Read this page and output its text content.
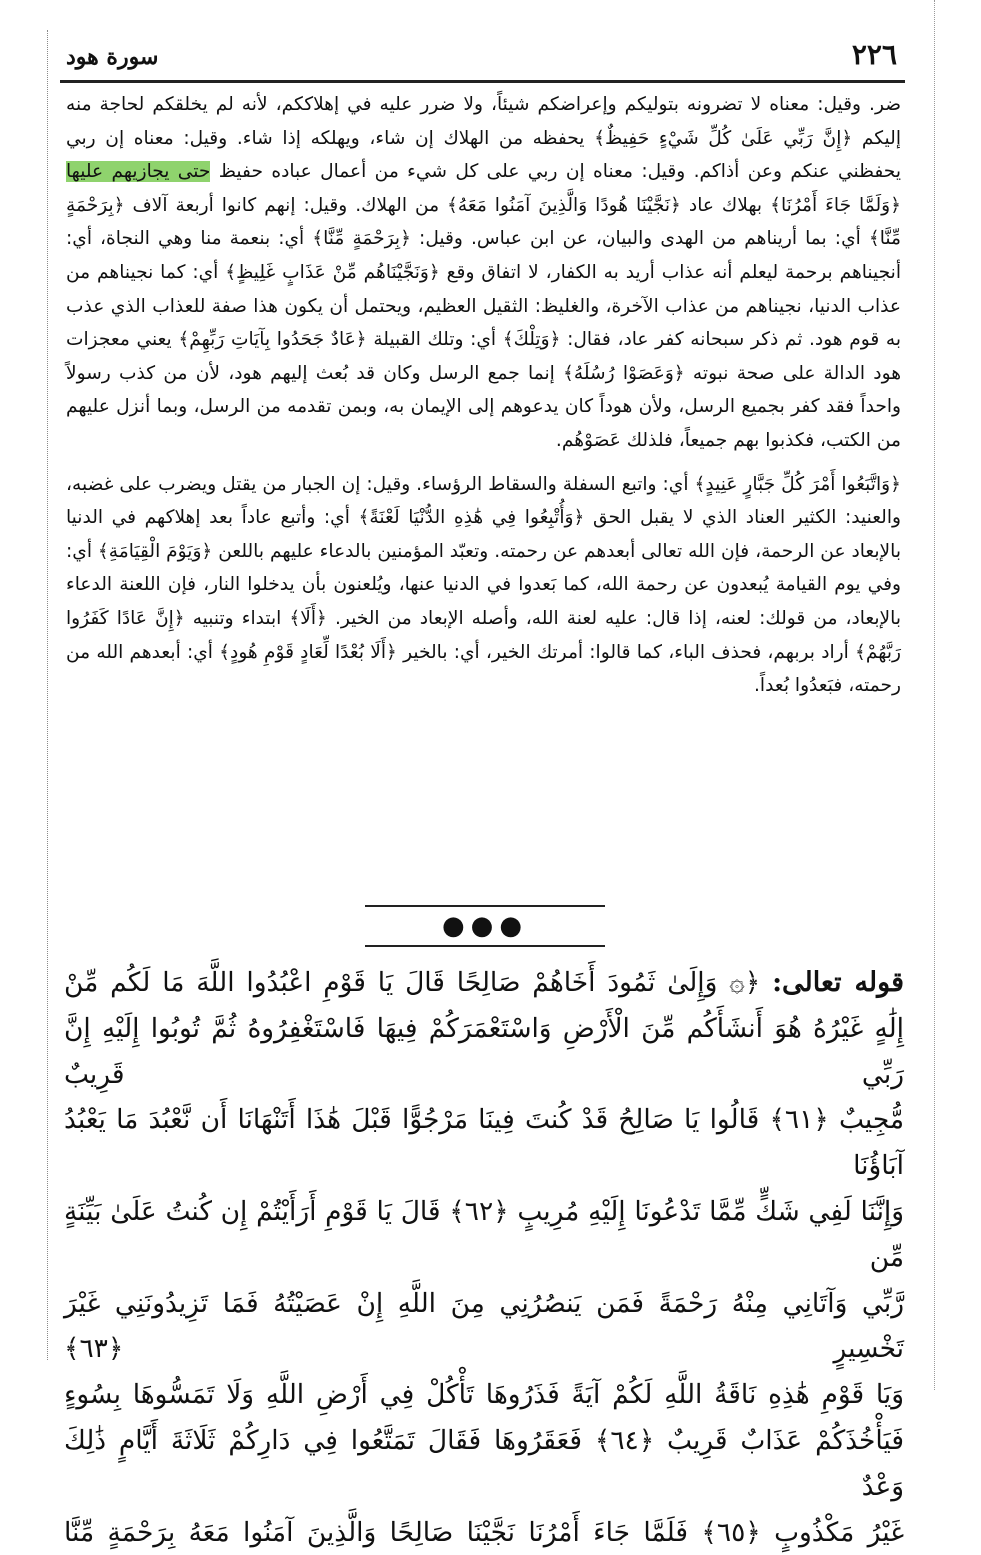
٢٢٦
سورة هود

ضر. وقيل: معناه لا تضرونه بتوليكم وإعراضكم شيئاً، ولا ضرر عليه في إهلاككم، لأنه لم يخلقكم لحاجة منه إليكم ﴿إِنَّ رَبِّي عَلَىٰ كُلِّ شَيْءٍ حَفِيظٌ﴾ يحفظه من الهلاك إن شاء، ويهلكه إذا شاء. وقيل: معناه إن ربي يحفظني عنكم وعن أذاكم. وقيل: معناه إن ربي على كل شيء من أعمال عباده حفيظ حتى يجازيهم عليها ﴿وَلَمَّا جَاءَ أَمْرُنَا﴾ بهلاك عاد ﴿نَجَّيْنَا هُودًا وَالَّذِينَ آمَنُوا مَعَهُ﴾ من الهلاك. وقيل: إنهم كانوا أربعة آلاف ﴿بِرَحْمَةٍ مِّنَّا﴾ أي: بما أريناهم من الهدى والبيان، عن ابن عباس. وقيل: ﴿بِرَحْمَةٍ مِّنَّا﴾ أي: بنعمة منا وهي النجاة، أي: أنجيناهم برحمة ليعلم أنه عذاب أريد به الكفار، لا اتفاق وقع ﴿وَنَجَّيْنَاهُم مِّنْ عَذَابٍ غَلِيظٍ﴾ أي: كما نجيناهم من عذاب الدنيا، نجيناهم من عذاب الآخرة، والغليظ: الثقيل العظيم، ويحتمل أن يكون هذا صفة للعذاب الذي عذب به قوم هود. ثم ذكر سبحانه كفر عاد، فقال: ﴿وَتِلْكَ﴾ أي: وتلك القبيلة ﴿عَادٌ جَحَدُوا بِآيَاتِ رَبِّهِمْ﴾ يعني معجزات هود الدالة على صحة نبوته ﴿وَعَصَوْا رُسُلَهُ﴾ إنما جمع الرسل وكان قد بُعث إليهم هود، لأن من كذب رسولاً واحداً فقد كفر بجميع الرسل، ولأن هوداً كان يدعوهم إلى الإيمان به، وبمن تقدمه من الرسل، وبما أنزل عليهم من الكتب، فكذبوا بهم جميعاً، فلذلك عَصَوْهُم.

﴿وَاتَّبَعُوا أَمْرَ كُلِّ جَبَّارٍ عَنِيدٍ﴾ أي: واتبع السفلة والسقاط الرؤساء. وقيل: إن الجبار من يقتل ويضرب على غضبه، والعنيد: الكثير العناد الذي لا يقبل الحق ﴿وَأُتْبِعُوا فِي هَٰذِهِ الدُّنْيَا لَعْنَةً﴾ أي: وأتبع عاداً بعد إهلاكهم في الدنيا بالإبعاد عن الرحمة، فإن الله تعالى أبعدهم عن رحمته. وتعبّد المؤمنين بالدعاء عليهم باللعن ﴿وَيَوْمَ الْقِيَامَةِ﴾ أي: وفي يوم القيامة يُبعدون عن رحمة الله، كما بَعدوا في الدنيا عنها، ويُلعنون بأن يدخلوا النار، فإن اللعنة الدعاء بالإبعاد، من قولك: لعنه، إذا قال: عليه لعنة الله، وأصله الإبعاد من الخير. ﴿أَلَا﴾ ابتداء وتنبيه ﴿إِنَّ عَادًا كَفَرُوا رَبَّهُمْ﴾ أراد بربهم، فحذف الباء، كما قالوا: أمرتك الخير، أي: بالخير ﴿أَلَا بُعْدًا لِّعَادٍ قَوْمِ هُودٍ﴾ أي: أبعدهم الله من رحمته، فبَعدُوا بُعداً.

●●●
قوله تعالى: ﴿۞ وَإِلَىٰ ثَمُودَ أَخَاهُمْ صَالِحًا قَالَ يَا قَوْمِ اعْبُدُوا اللَّهَ مَا لَكُم مِّنْ
إِلَٰهٍ غَيْرُهُ هُوَ أَنشَأَكُم مِّنَ الْأَرْضِ وَاسْتَعْمَرَكُمْ فِيهَا فَاسْتَغْفِرُوهُ ثُمَّ تُوبُوا إِلَيْهِ إِنَّ رَبِّي قَرِيبٌ
مُّجِيبٌ ﴿٦١﴾ قَالُوا يَا صَالِحُ قَدْ كُنتَ فِينَا مَرْجُوًّا قَبْلَ هَٰذَا أَتَنْهَانَا أَن نَّعْبُدَ مَا يَعْبُدُ آبَاؤُنَا
وَإِنَّنَا لَفِي شَكٍّ مِّمَّا تَدْعُونَا إِلَيْهِ مُرِيبٍ ﴿٦٢﴾ قَالَ يَا قَوْمِ أَرَأَيْتُمْ إِن كُنتُ عَلَىٰ بَيِّنَةٍ مِّن
رَّبِّي وَآتَانِي مِنْهُ رَحْمَةً فَمَن يَنصُرُنِي مِنَ اللَّهِ إِنْ عَصَيْتُهُ فَمَا تَزِيدُونَنِي غَيْرَ تَخْسِيرٍ ﴿٦٣﴾
وَيَا قَوْمِ هَٰذِهِ نَاقَةُ اللَّهِ لَكُمْ آيَةً فَذَرُوهَا تَأْكُلْ فِي أَرْضِ اللَّهِ وَلَا تَمَسُّوهَا بِسُوءٍ
فَيَأْخُذَكُمْ عَذَابٌ قَرِيبٌ ﴿٦٤﴾ فَعَقَرُوهَا فَقَالَ تَمَتَّعُوا فِي دَارِكُمْ ثَلَاثَةَ أَيَّامٍ ذَٰلِكَ وَعْدٌ
غَيْرُ مَكْذُوبٍ ﴿٦٥﴾ فَلَمَّا جَاءَ أَمْرُنَا نَجَّيْنَا صَالِحًا وَالَّذِينَ آمَنُوا مَعَهُ بِرَحْمَةٍ مِّنَّا
